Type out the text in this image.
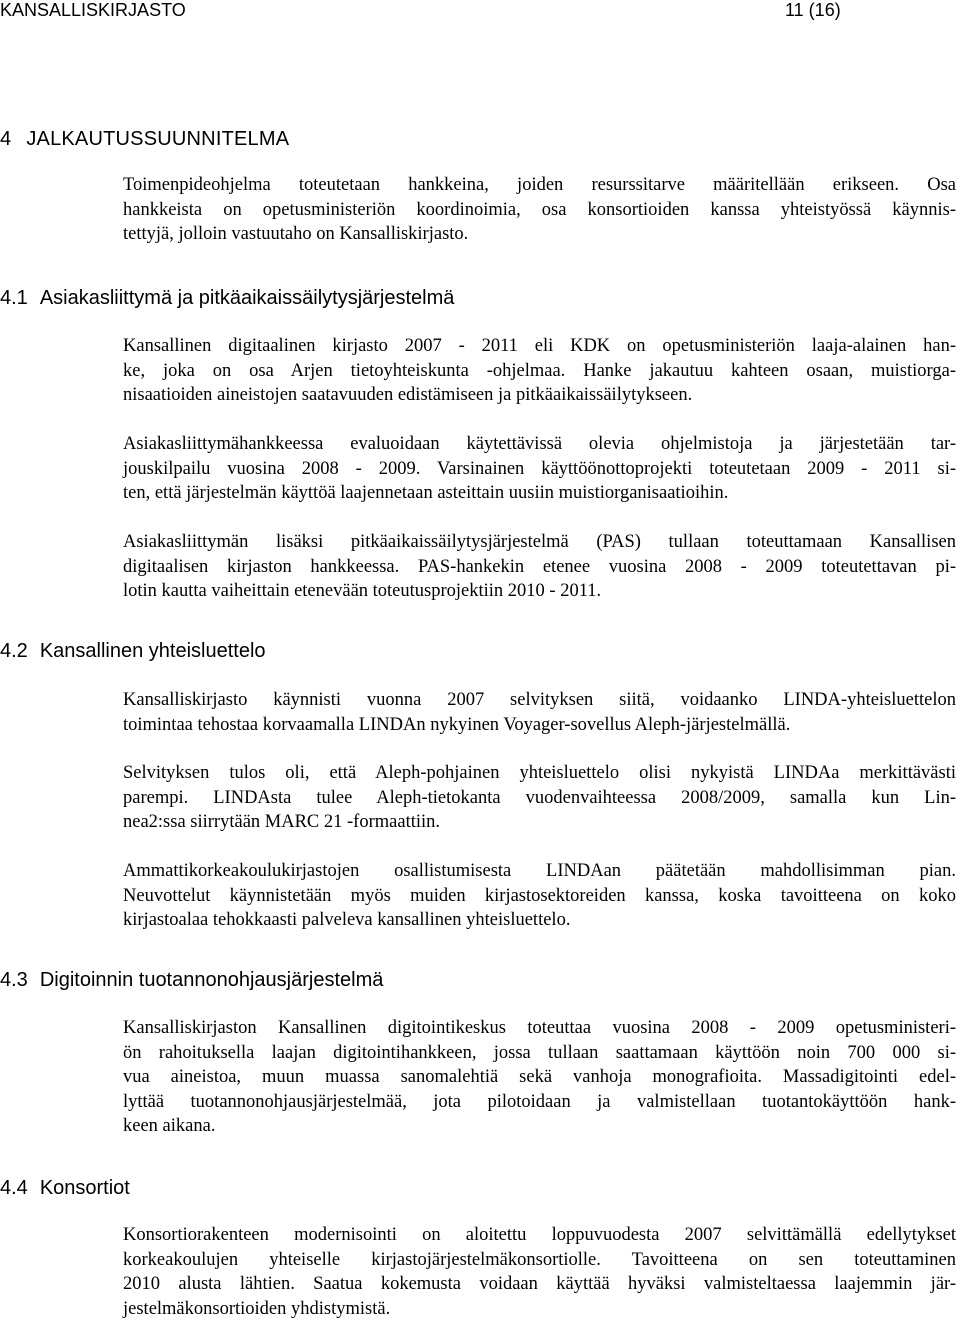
KANSALLISKIRJASTO	11 (16)
4 JALKAUTUSSUUNNITELMA

Toimenpideohjelma toteutetaan hankkeina, joiden resurssitarve määritellään erikseen. Osa
hankkeista on opetusministeriön koordinoimia, osa konsortioiden kanssa yhteistyössä käynnis-
tettyjä, jolloin vastuutaho on Kansalliskirjasto.

4.1 Asiakasliittymä ja pitkäaikaissäilytysjärjestelmä

Kansallinen digitaalinen kirjasto 2007 - 2011 eli KDK on opetusministeriön laaja-alainen han-
ke, joka on osa Arjen tietoyhteiskunta -ohjelmaa. Hanke jakautuu kahteen osaan, muistiorga-
nisaatioiden aineistojen saatavuuden edistämiseen ja pitkäaikaissäilytykseen.

Asiakasliittymähankkeessa evaluoidaan käytettävissä olevia ohjelmistoja ja järjestetään tar-
jouskilpailu vuosina 2008 - 2009. Varsinainen käyttöönottoprojekti toteutetaan 2009 - 2011 si-
ten, että järjestelmän käyttöä laajennetaan asteittain uusiin muistiorganisaatioihin.

Asiakasliittymän lisäksi pitkäaikaissäilytysjärjestelmä (PAS) tullaan toteuttamaan Kansallisen
digitaalisen kirjaston hankkeessa. PAS-hankekin etenee vuosina 2008 - 2009 toteutettavan pi-
lotin kautta vaiheittain etenevään toteutusprojektiin 2010 - 2011.

4.2 Kansallinen yhteisluettelo

Kansalliskirjasto käynnisti vuonna 2007 selvityksen siitä, voidaanko LINDA-yhteisluettelon
toimintaa tehostaa korvaamalla LINDAn nykyinen Voyager-sovellus Aleph-järjestelmällä.

Selvityksen tulos oli, että Aleph-pohjainen yhteisluettelo olisi nykyistä LINDAa merkittävästi
parempi. LINDAsta tulee Aleph-tietokanta vuodenvaihteessa 2008/2009, samalla kun Lin-
nea2:ssa siirrytään MARC 21 -formaattiin.

Ammattikorkeakoulukirjastojen osallistumisesta LINDAan päätetään mahdollisimman pian.
Neuvottelut käynnistetään myös muiden kirjastosektoreiden kanssa, koska tavoitteena on koko
kirjastoalaa tehokkaasti palveleva kansallinen yhteisluettelo.

4.3 Digitoinnin tuotannonohjausjärjestelmä

Kansalliskirjaston Kansallinen digitointikeskus toteuttaa vuosina 2008 - 2009 opetusministeri-
ön rahoituksella laajan digitointihankkeen, jossa tullaan saattamaan käyttöön noin 700 000 si-
vua aineistoa, muun muassa sanomalehtiä sekä vanhoja monografioita. Massadigitointi edel-
lyttää tuotannonohjausjärjestelmää, jota pilotoidaan ja valmistellaan tuotantokäyttöön hank-
keen aikana.

4.4 Konsortiot

Konsortiorakenteen modernisointi on aloitettu loppuvuodesta 2007 selvittämällä edellytykset
korkeakoulujen yhteiselle kirjastojärjestelmäkonsortiolle. Tavoitteena on sen toteuttaminen
2010 alusta lähtien. Saatua kokemusta voidaan käyttää hyväksi valmisteltaessa laajemmin jär-
jestelmäkonsortioiden yhdistymistä.
